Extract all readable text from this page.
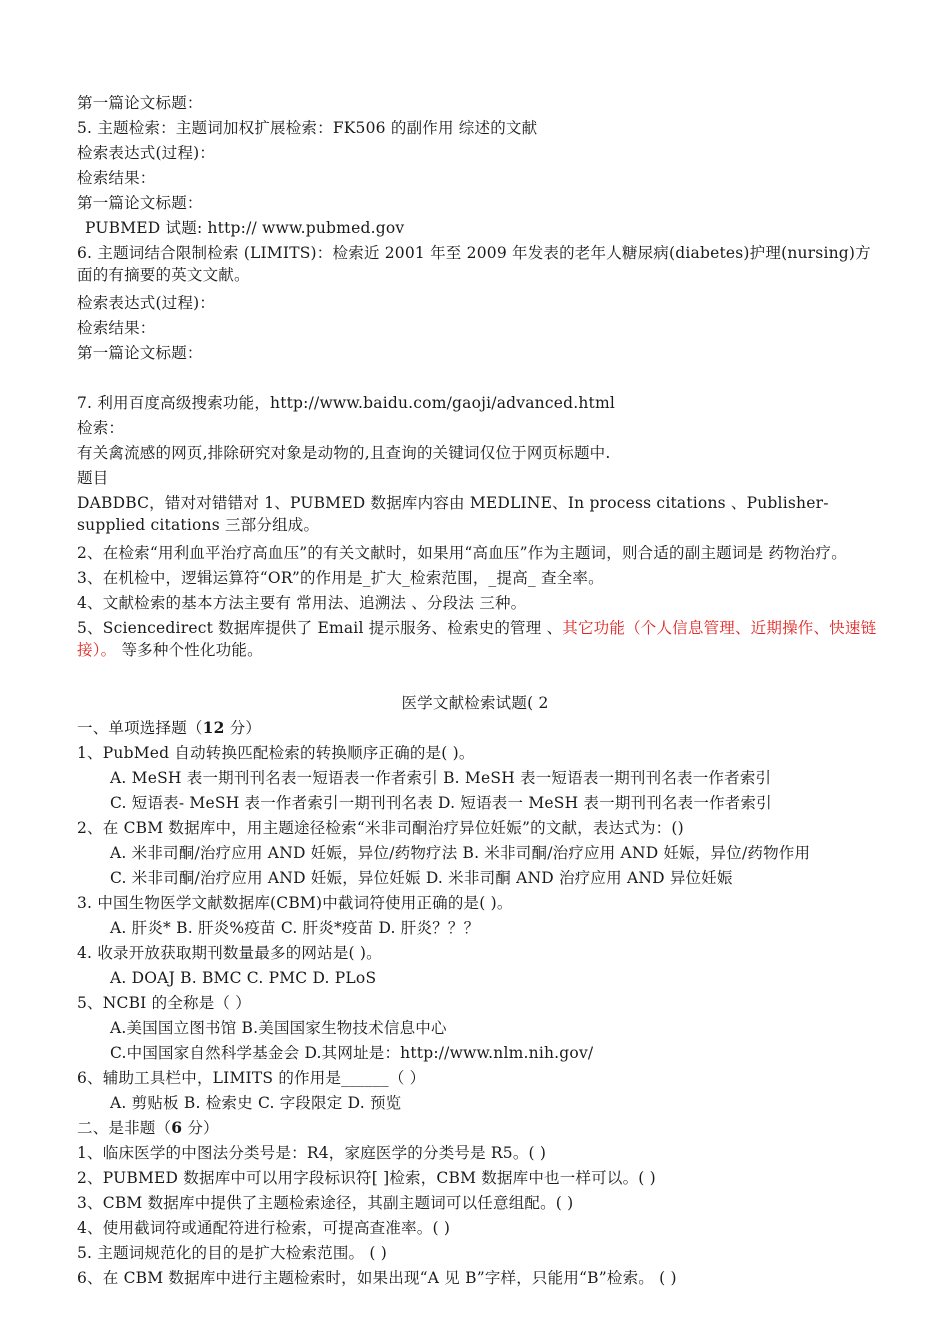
第一篇论文标题：
5. 主题检索：主题词加权扩展检索：FK506 的副作用 综述的文献
检索表达式(过程)：
检索结果：
第一篇论文标题：
PUBMED 试题: http:// www.pubmed.gov
6. 主题词结合限制检索 (LIMITS)：检索近 2001 年至 2009 年发表的老年人糖尿病(diabetes)护理(nursing)方面的有摘要的英文文献。
检索表达式(过程)：
检索结果：
第一篇论文标题：
7. 利用百度高级搜索功能，http://www.baidu.com/gaoji/advanced.html
检索：
有关禽流感的网页,排除研究对象是动物的,且查询的关键词仅位于网页标题中.
题目
DABDBC，错对对错错对 1、PUBMED 数据库内容由 MEDLINE、In process citations 、Publisher-supplied citations 三部分组成。
2、在检索“用利血平治疗高血压”的有关文献时，如果用“高血压”作为主题词，则合适的副主题词是 药物治疗。
3、在机检中，逻辑运算符“OR”的作用是_扩大_检索范围，_提高_ 查全率。
4、文献检索的基本方法主要有 常用法、追溯法 、分段法 三种。
5、Sciencedirect 数据库提供了 Email 提示服务、检索史的管理 、其它功能（个人信息管理、近期操作、快速链接）。 等多种个性化功能。
医学文献检索试题( 2
一、单项选择题（12 分）
1、PubMed 自动转换匹配检索的转换顺序正确的是( )。
A. MeSH 表一期刊刊名表一短语表一作者索引 B. MeSH 表一短语表一期刊刊名表一作者索引
C. 短语表- MeSH 表一作者索引一期刊刊名表 D. 短语表一 MeSH 表一期刊刊名表一作者索引
2、在 CBM 数据库中，用主题途径检索“米非司酮治疗异位妊娠”的文献，表达式为：()
A. 米非司酮/治疗应用 AND 妊娠，异位/药物疗法 B. 米非司酮/治疗应用 AND 妊娠，异位/药物作用
C. 米非司酮/治疗应用 AND 妊娠，异位妊娠 D. 米非司酮 AND 治疗应用 AND 异位妊娠
3. 中国生物医学文献数据库(CBM)中截词符使用正确的是( )。
A. 肝炎* B. 肝炎%疫苗 C. 肝炎*疫苗 D. 肝炎？？？
4. 收录开放获取期刊数量最多的网站是( )。
A. DOAJ B. BMC C. PMC D. PLoS
5、NCBI 的全称是（ ）
A.美国国立图书馆 B.美国国家生物技术信息中心
C.中国国家自然科学基金会 D.其网址是：http://www.nlm.nih.gov/
6、辅助工具栏中，LIMITS 的作用是______（ ）
A. 剪贴板 B. 检索史 C. 字段限定 D. 预览
二、是非题（6 分）
1、临床医学的中图法分类号是：R4，家庭医学的分类号是 R5。( )
2、PUBMED 数据库中可以用字段标识符[ ]检索，CBM 数据库中也一样可以。( )
3、CBM 数据库中提供了主题检索途径，其副主题词可以任意组配。( )
4、使用截词符或通配符进行检索，可提高查准率。( )
5. 主题词规范化的目的是扩大检索范围。 ( )
6、在 CBM 数据库中进行主题检索时，如果出现“A 见 B”字样，只能用“B”检索。 ( )
